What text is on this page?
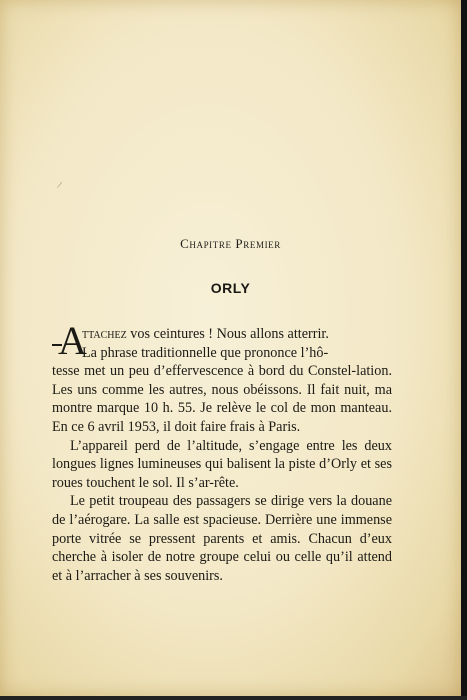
/
Chapitre Premier
ORLY
A

ttachez vos ceintures ! Nous allons atterrir.

La phrase traditionnelle que prononce l’hô-

tesse met un peu d’effervescence à bord du Constel-lation. Les uns comme les autres, nous obéissons. Il fait nuit, ma montre marque 10 h. 55. Je relève le col de mon manteau. En ce 6 avril 1953, il doit faire frais à Paris.

L’appareil perd de l’altitude, s’engage entre les deux longues lignes lumineuses qui balisent la piste d’Orly et ses roues touchent le sol. Il s’ar-rête.

Le petit troupeau des passagers se dirige vers la douane de l’aérogare. La salle est spacieuse. Derrière une immense porte vitrée se pressent parents et amis. Chacun d’eux cherche à isoler de notre groupe celui ou celle qu’il attend et à l’arracher à ses souvenirs.
